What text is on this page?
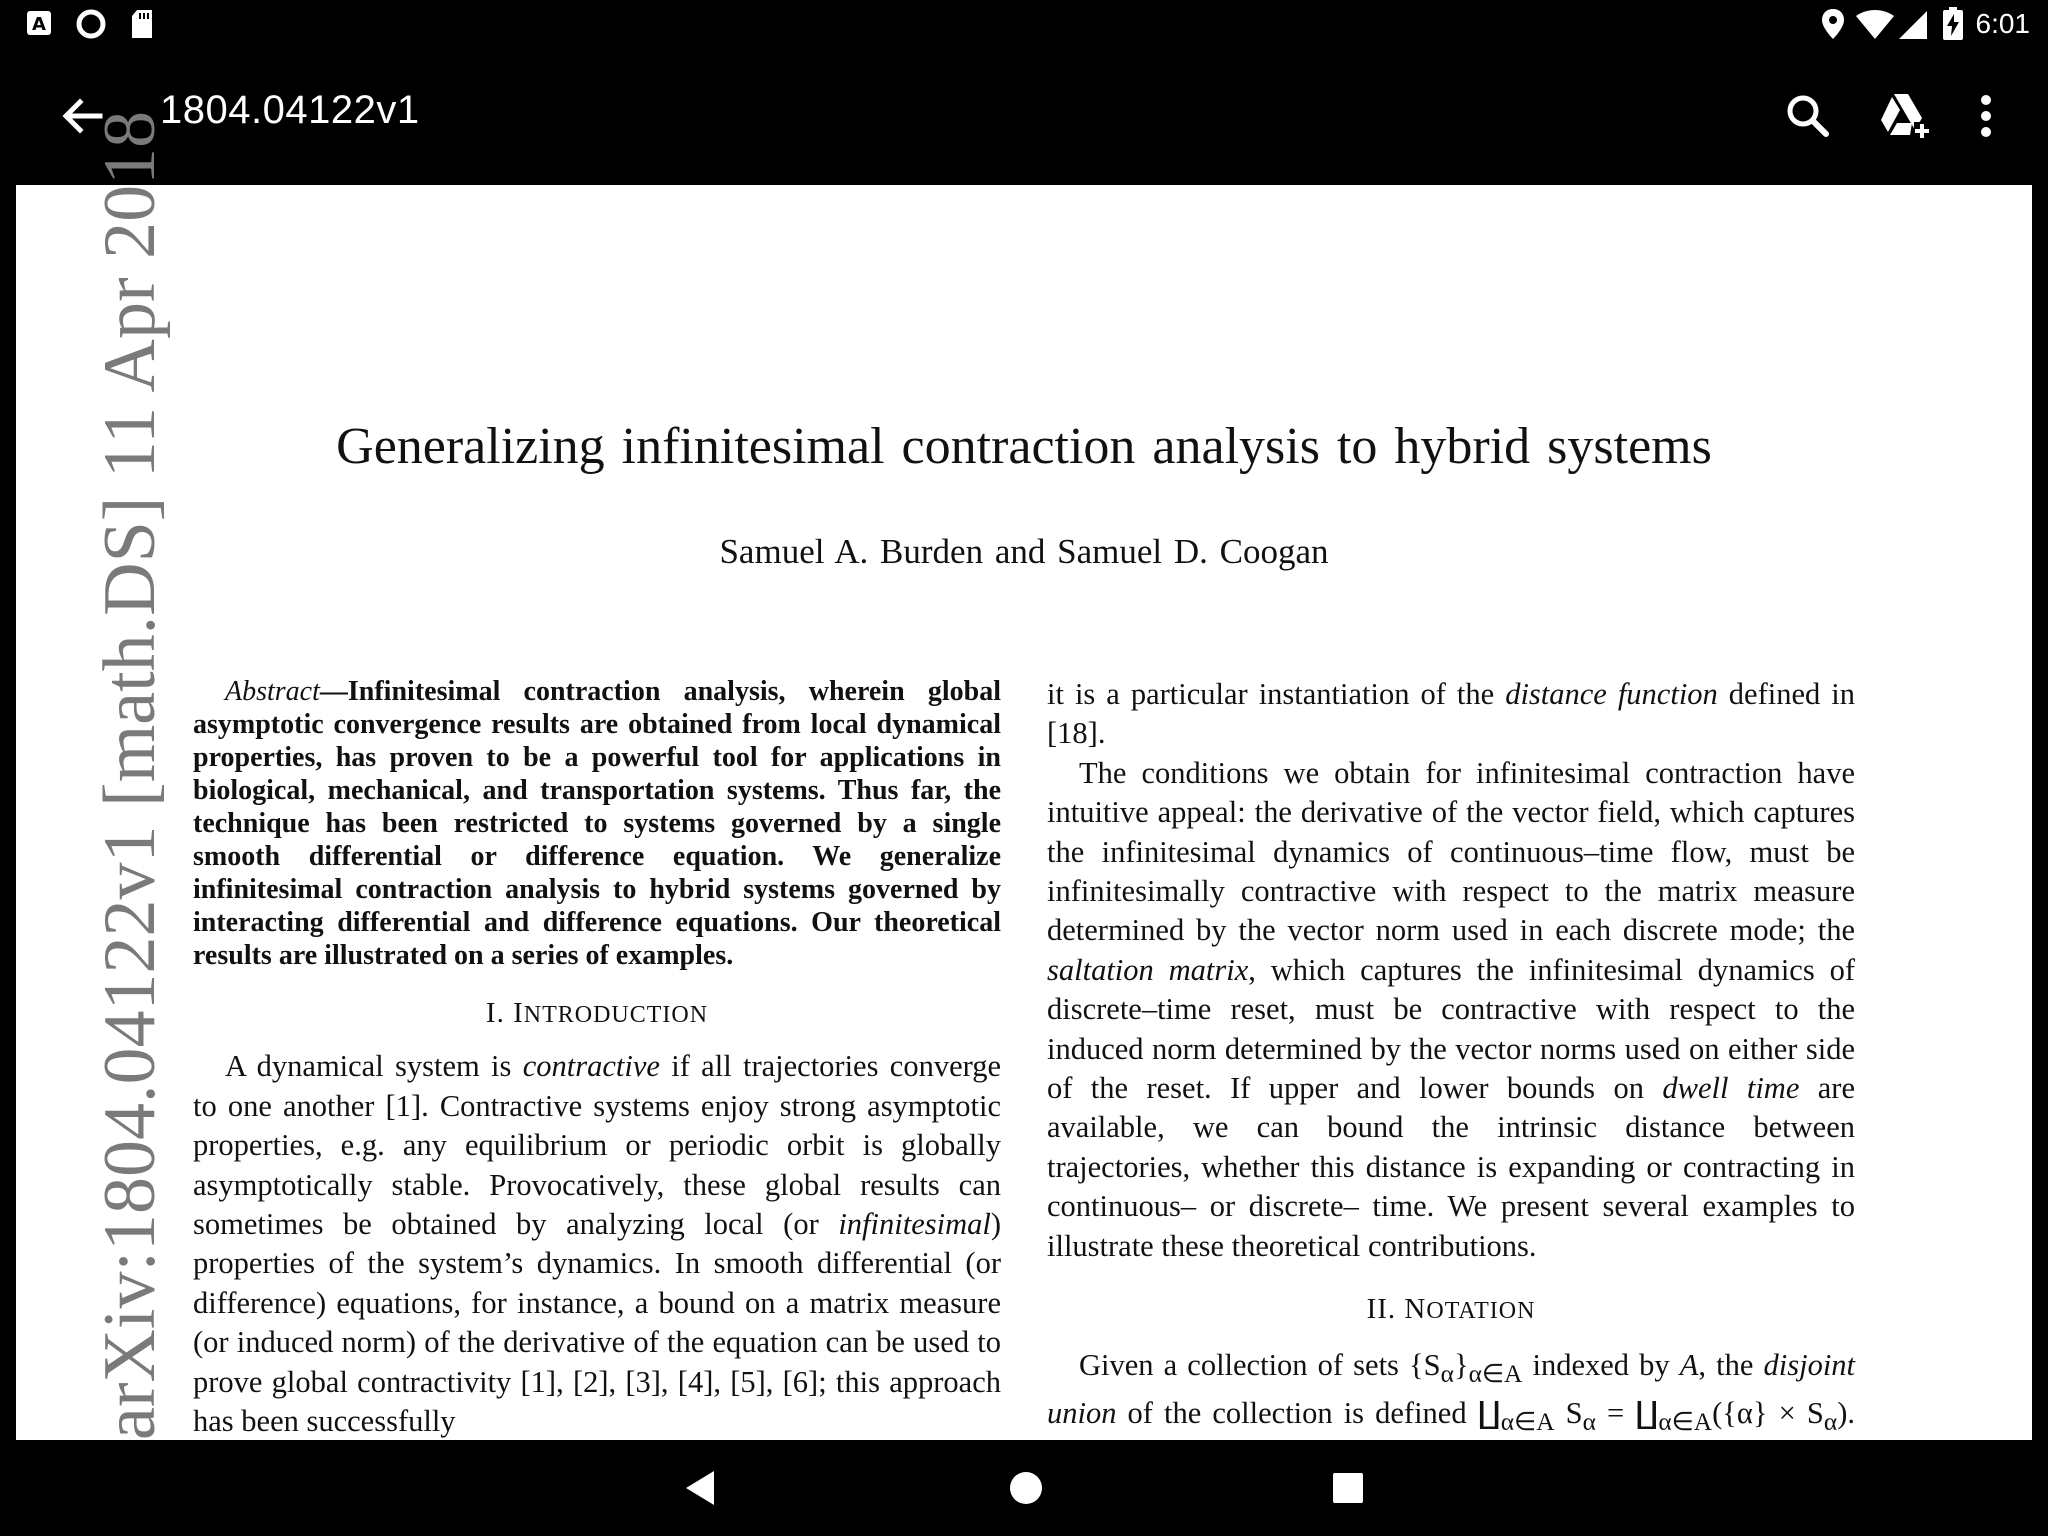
A	6:01
1804.04122v1
Generalizing infinitesimal contraction analysis to hybrid systems
Samuel A. Burden and Samuel D. Coogan

Abstract—Infinitesimal contraction analysis, wherein global asymptotic convergence results are obtained from local dynamical properties, has proven to be a powerful tool for applications in biological, mechanical, and transportation systems. Thus far, the technique has been restricted to systems governed by a single smooth differential or difference equation. We generalize infinitesimal contraction analysis to hybrid systems governed by interacting differential and difference equations. Our theoretical results are illustrated on a series of examples.

I. INTRODUCTION

A dynamical system is contractive if all trajectories converge to one another [1]. Contractive systems enjoy strong asymptotic properties, e.g. any equilibrium or periodic orbit is globally asymptotically stable. Provocatively, these global results can sometimes be obtained by analyzing local (or infinitesimal) properties of the system’s dynamics. In smooth differential (or difference) equations, for instance, a bound on a matrix measure (or induced norm) of the derivative of the equation can be used to prove global contractivity [1], [2], [3], [4], [5], [6]; this approach has been successfully

it is a particular instantiation of the distance function defined in [18].

The conditions we obtain for infinitesimal contraction have intuitive appeal: the derivative of the vector field, which captures the infinitesimal dynamics of continuous–time flow, must be infinitesimally contractive with respect to the matrix measure determined by the vector norm used in each discrete mode; the saltation matrix, which captures the infinitesimal dynamics of discrete–time reset, must be contractive with respect to the induced norm determined by the vector norms used on either side of the reset. If upper and lower bounds on dwell time are available, we can bound the intrinsic distance between trajectories, whether this distance is expanding or contracting in continuous– or discrete– time. We present several examples to illustrate these theoretical contributions.

II. NOTATION

Given a collection of sets $\{S_\alpha\}_{\alpha\in A}$ indexed by A, the disjoint union of the collection is defined $∐_{\alpha\in A}$ $S_\alpha$ = $∐_{\alpha\in A}(\{\alpha\} \times S_\alpha)$.

arXiv:1804.04122v1 [math.DS] 11 Apr 2018
